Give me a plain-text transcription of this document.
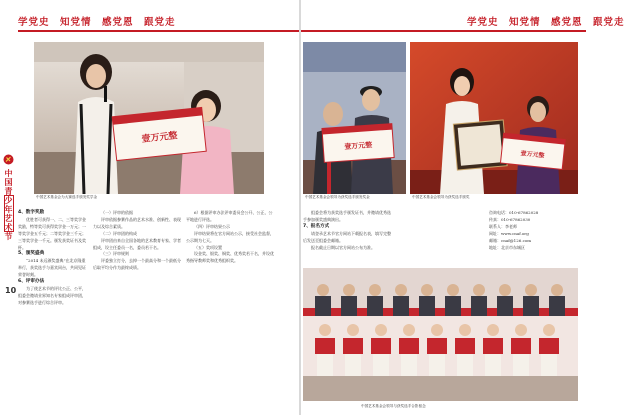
学党史　知党情　感党恩　跟党走
中国青少年艺术节
10
壹万元整
中国艺术基金会为大赛选手颁发奖学金
4、数字奖励

优胜者可获得一、二、三等奖学金奖励，特等奖可获得奖学金一万元；一等奖学金五千元；二等奖学金三千元；三等奖学金一千元。颁发获奖证书及奖杯。

5、颁奖盛典

“2014 未远颁奖盛典”在北京隆重举行，获奖选手与嘉宾同台，共同见证荣誉时刻。

6、评审办法

为了使艺术节的评比公正、公平，组委会邀请业界知名专家组成评审团，对参赛选手进行综合评审。

（一）评审的依据

评审依据参赛作品的艺术水准、创新性、表现力以及综合素质。

（二）评审团的构成

评审团由来自全国各地的艺术教育专家、学者组成，设主任委员一名，委员若干名。

（三）评审规则

评委独立打分，去掉一个最高分和一个最低分后取平均分作为最终成绩。

6）根据评审办法评审委员会公开、公正、公平地进行评选。

（四）评审结果公示

评审结果将在官方网站公示，接受社会监督，公示期为七天。

（五）奖项设置

设金奖、银奖、铜奖、优秀奖若干名，并设优秀指导教师奖和优秀组织奖。

学党史　知党情　感党恩　跟党走
壹万元整
中国艺术基金会领导为获奖选手颁发奖金
壹万元整
中国艺术基金会领导为获奖选手颁奖

组委会将为获奖选手颁发证书，并邀请优秀选手参加颁奖盛典演出。

7、报名方式

请登录艺术节官方网站下载报名表，填写完整后发送至组委会邮箱。

报名截止日期以官方网站公布为准。

咨询电话：010-67862028

传真：010-67862030

联系人：李老师

网址：www.cnaf.org

邮箱：cnaf@126.com

地址：北京市东城区

中国艺术基金会领导与获奖选手合影留念
